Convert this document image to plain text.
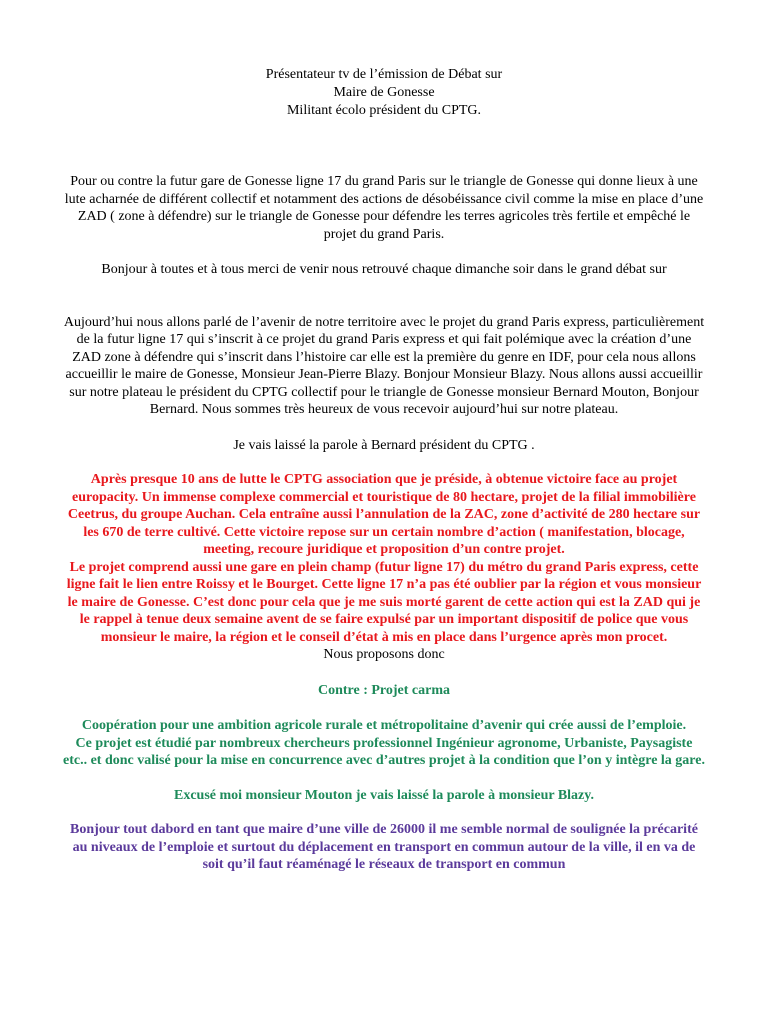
Présentateur tv de l’émission de Débat sur

Maire de Gonesse

Militant écolo président du CPTG.

Pour ou contre la futur gare de Gonesse ligne 17 du grand Paris sur le triangle de Gonesse qui donne lieux à une lute acharnée de différent collectif et notamment des actions de désobéissance civil comme la mise en place d’une ZAD ( zone à défendre) sur le triangle de Gonesse pour défendre les terres agricoles très fertile et empêché le projet du grand Paris.

Bonjour à toutes et à tous merci de venir nous retrouvé chaque dimanche soir dans le grand débat sur

Aujourd’hui nous allons parlé de l’avenir de notre territoire avec le projet du grand Paris express, particulièrement de la futur ligne 17 qui s’inscrit à ce projet du grand Paris express et qui fait polémique avec la création d’une ZAD zone à défendre qui s’inscrit dans l’histoire car elle est la première du genre en IDF, pour cela nous allons accueillir le maire de Gonesse, Monsieur Jean-Pierre Blazy. Bonjour Monsieur Blazy. Nous allons aussi accueillir sur notre plateau le président du CPTG collectif pour le triangle de Gonesse monsieur Bernard Mouton, Bonjour Bernard. Nous sommes très heureux de vous recevoir aujourd’hui sur notre plateau.

Je vais laissé la parole à Bernard président du CPTG .

Après presque 10 ans de lutte le CPTG association que je préside, à obtenue victoire face au projet europacity. Un immense complexe commercial et touristique de 80 hectare, projet de la filial immobilière Ceetrus, du groupe Auchan. Cela entraîne aussi l’annulation de la ZAC, zone d’activité de 280 hectare sur les 670 de terre cultivé. Cette victoire repose sur un certain nombre d’action ( manifestation, blocage, meeting, recoure juridique et proposition d’un contre projet.

Le projet comprend aussi une gare en plein champ (futur ligne 17) du métro du grand Paris express, cette ligne fait le lien entre Roissy et le Bourget. Cette ligne 17 n’a pas été oublier par la région et vous monsieur le maire de Gonesse. C’est donc pour cela que je me suis morté garent de cette action qui est la ZAD qui je le rappel à tenue deux semaine avent de se faire expulsé par un important dispositif de police que vous monsieur le maire, la région et le conseil d’état à mis en place dans l’urgence après mon procet.

Nous proposons donc

Contre : Projet carma

Coopération pour une ambition agricole rurale et métropolitaine d’avenir qui crée aussi de l’emploie.

Ce projet est étudié par nombreux chercheurs professionnel Ingénieur agronome, Urbaniste, Paysagiste etc.. et donc valisé pour la mise en concurrence avec d’autres projet à la condition que l’on y intègre la gare.

Excusé moi monsieur Mouton je vais laissé la parole à monsieur Blazy.

Bonjour tout dabord en tant que maire d’une ville de 26000 il me semble normal de soulignée la précarité au niveaux de l’emploie et surtout du déplacement en transport en commun autour de la ville, il en va de soit qu’il faut réaménagé le réseaux de transport en commun
